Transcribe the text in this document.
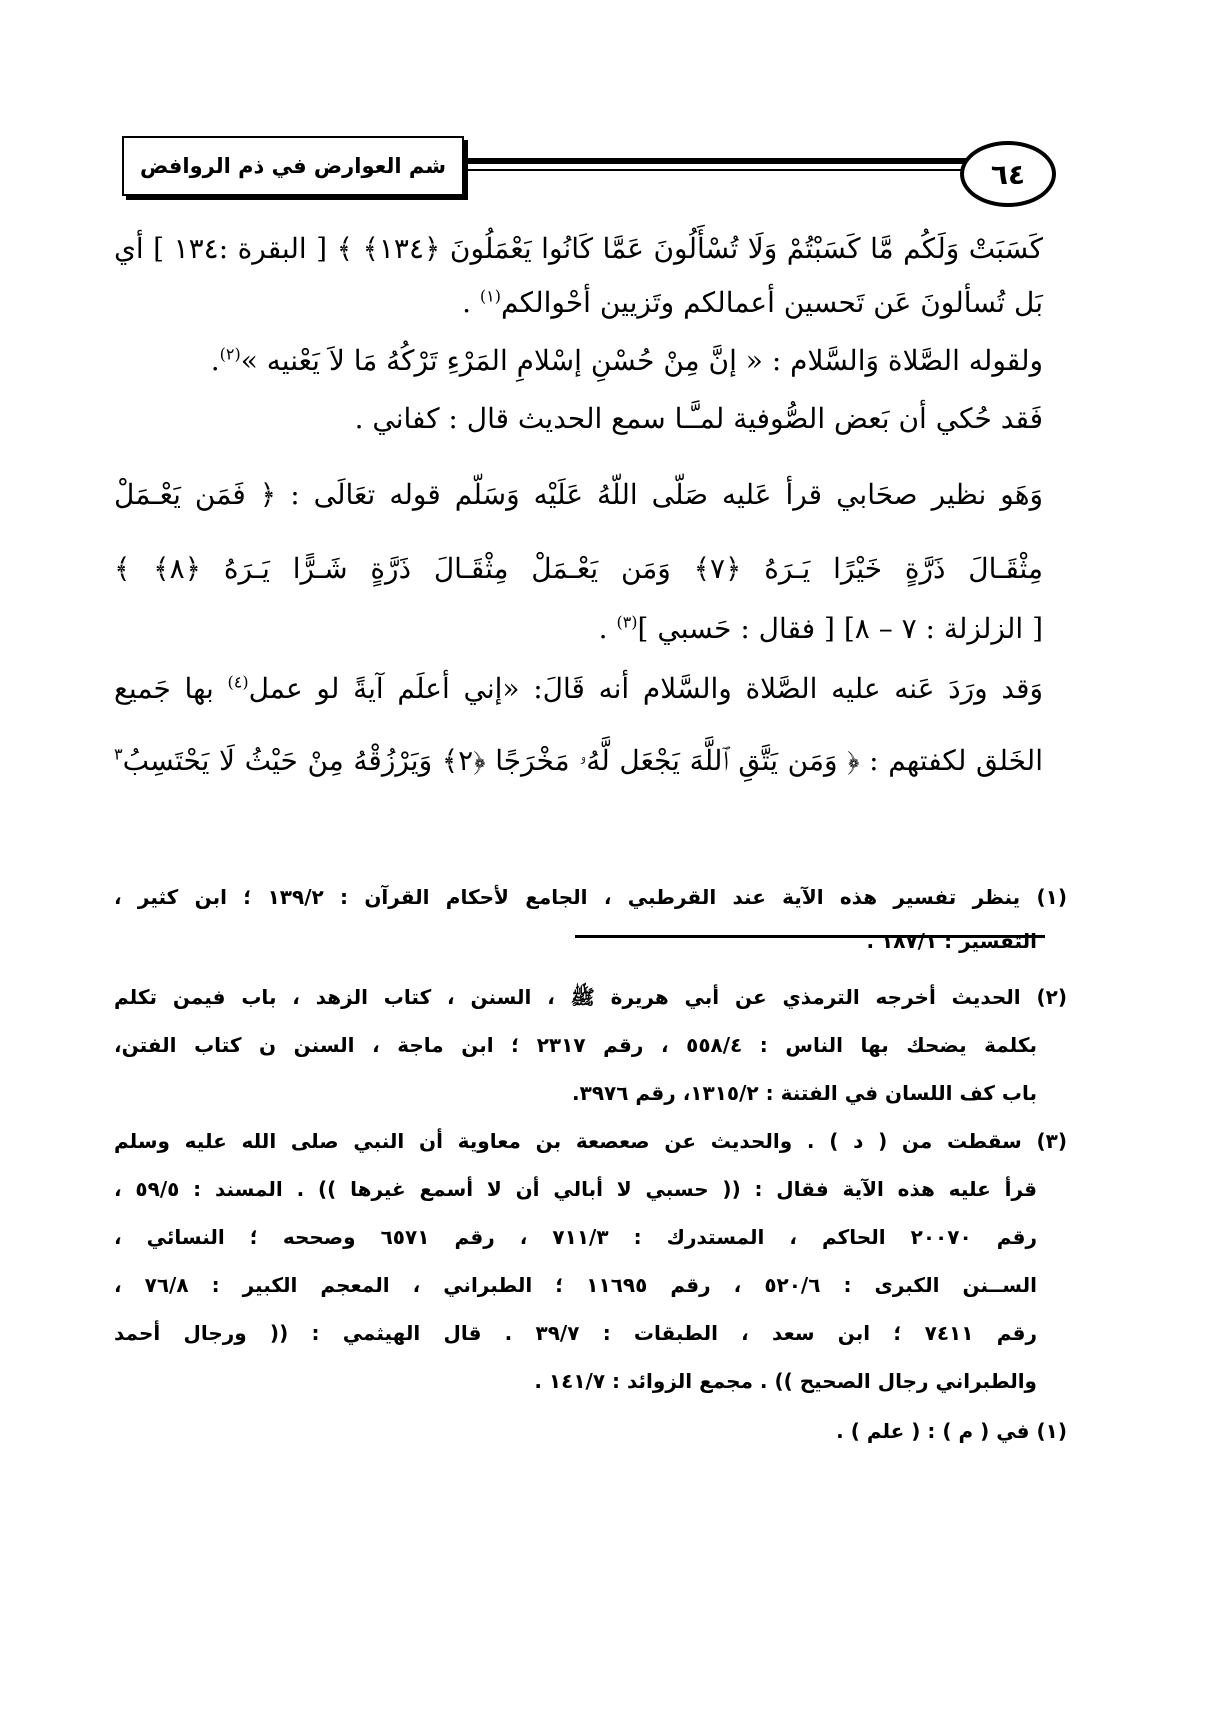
شم العوارض في ذم الروافض	٦٤
كَسَبَتْ وَلَكُم مَّا كَسَبْتُمْ وَلَا تُسْأَلُونَ عَمَّا كَانُوا يَعْمَلُونَ ﴿١٣٤﴾ ﴾ [ البقرة :١٣٤ ] أي
بَل تُسألونَ عَن تَحسين أعمالكم وتَزيين أحْوالكم$^{(١)}$ .
ولقوله الصَّلاة وَالسَّلام : « إنَّ مِنْ حُسْنِ إسْلامِ المَرْءِ تَرْكُهُ مَا لاَ يَعْنيه »$^{(٢)}$.
فَقد حُكي أن بَعض الصُّوفية لمـَّـا سمع الحديث قال : كفاني .
وَهَو نظير صحَابي قرأ عَليه صَلّى اللّهُ عَلَيْه وَسَلّم قوله تعَالَى : ﴿ فَمَن يَعْـمَلْ
مِثْقَـالَ ذَرَّةٍ خَيْرًا يَـرَهُ ﴿٧﴾ وَمَن يَعْـمَلْ مِثْقَـالَ ذَرَّةٍ شَـرًّا يَـرَهُ ﴿٨﴾ ﴾
[ الزلزلة : ٧ – ٨] [ فقال : حَسبي ]$^{(٣)}$ .
وَقد ورَدَ عَنه عليه الصَّلاة والسَّلام أنه قَالَ: «إني أعلَم آيةً لو عمل$^{(٤)}$ بها جَميع
الخَلق لكفتهم : ﴿ وَمَن يَتَّقِ ٱللَّهَ يَجْعَل لَّهُۥ مَخْرَجًا ﴿٢﴾ وَيَرْزُقْهُ مِنْ حَيْثُ لَا يَحْتَسِبُ$^٣$
(١) ينظر تفسير هذه الآية عند القرطبي ، الجامع لأحكام القرآن : ١٣٩/٢ ؛ ابن كثير ،
التفسير : ١٨٧/١ .
(٢) الحديث أخرجه الترمذي عن أبي هريرة ﷺ ، السنن ، كتاب الزهد ، باب فيمن تكلم
بكلمة يضحك بها الناس : ٥٥٨/٤ ، رقم ٢٣١٧ ؛ ابن ماجة ، السنن ن كتاب الفتن،
باب كف اللسان في الفتنة : ١٣١٥/٢، رقم ٣٩٧٦.
(٣) سقطت من ( د ) . والحديث عن صعصعة بن معاوية أن النبي صلى الله عليه وسلم
قرأ عليه هذه الآية فقال : (( حسبي لا أبالي أن لا أسمع غيرها )) . المسند : ٥٩/٥ ،
رقم ٢٠٠٧٠ الحاكم ، المستدرك : ٧١١/٣ ، رقم ٦٥٧١ وصححه ؛ النسائي ،
الســنن الكبرى : ٥٢٠/٦ ، رقم ١١٦٩٥ ؛ الطبراني ، المعجم الكبير : ٧٦/٨ ،
رقم ٧٤١١ ؛ ابن سعد ، الطبقات : ٣٩/٧ . قال الهيثمي : (( ورجال أحمد
والطبراني رجال الصحيح )) . مجمع الزوائد : ١٤١/٧ .
(١) في ( م ) : ( علم ) .
